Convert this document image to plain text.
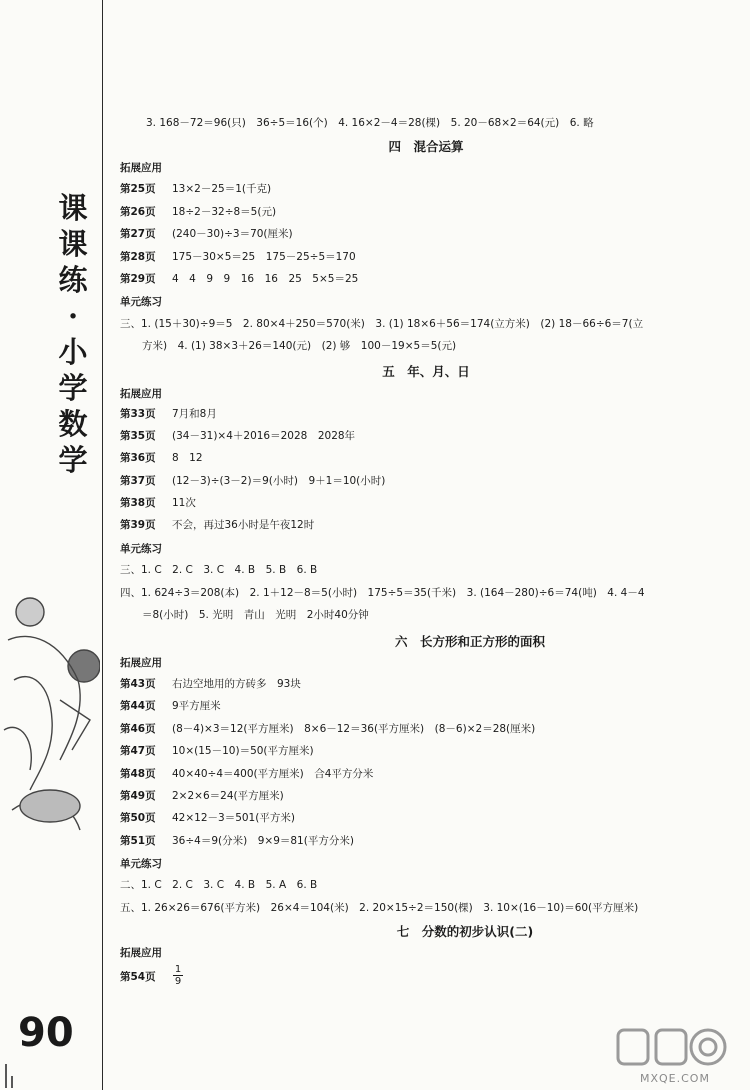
课
课
练
·
小
学
数
学
90
3. 168－72＝96(只)　36÷5＝16(个)　4. 16×2－4＝28(棵)　5. 20－68×2＝64(元)　6. 略
四　混合运算
拓展应用
第25页 13×2－25＝1(千克)
第26页 18÷2－32÷8＝5(元)
第27页 (240－30)÷3＝70(厘米)
第28页 175－30×5＝25　175－25÷5＝170
第29页 4　4　9　9　16　16　25　5×5＝25
单元练习
三、1. (15＋30)÷9＝5　2. 80×4＋250＝570(米)　3. (1) 18×6＋56＝174(立方米)　(2) 18－66÷6＝7(立
方米)　4. (1) 38×3＋26＝140(元)　(2) 够　100－19×5＝5(元)
五　年、月、日
拓展应用
第33页 7月和8月
第35页 (34－31)×4＋2016＝2028　2028年
第36页 8　12
第37页 (12－3)÷(3－2)＝9(小时)　9＋1＝10(小时)
第38页 11次
第39页 不会，再过36小时是午夜12时
单元练习
三、1. C　2. C　3. C　4. B　5. B　6. B
四、1. 624÷3＝208(本)　2. 1＋12－8＝5(小时)　175÷5＝35(千米)　3. (164－280)÷6＝74(吨)　4. 4－4
＝8(小时)　5. 光明　青山　光明　2小时40分钟
六　长方形和正方形的面积
拓展应用
第43页 右边空地用的方砖多　93块
第44页 9平方厘米
第46页 (8－4)×3＝12(平方厘米)　8×6－12＝36(平方厘米)　(8－6)×2＝28(厘米)
第47页 10×(15－10)＝50(平方厘米)
第48页 40×40÷4＝400(平方厘米)　合4平方分米
第49页 2×2×6＝24(平方厘米)
第50页 42×12－3＝501(平方米)
第51页 36÷4＝9(分米)　9×9＝81(平方分米)
单元练习
二、1. C　2. C　3. C　4. B　5. A　6. B
五、1. 26×26＝676(平方米)　26×4＝104(米)　2. 20×15÷2＝150(棵)　3. 10×(16－10)＝60(平方厘米)
七　分数的初步认识(二)
拓展应用
第54页	$\frac{1}{9}$
MXQE.COM
